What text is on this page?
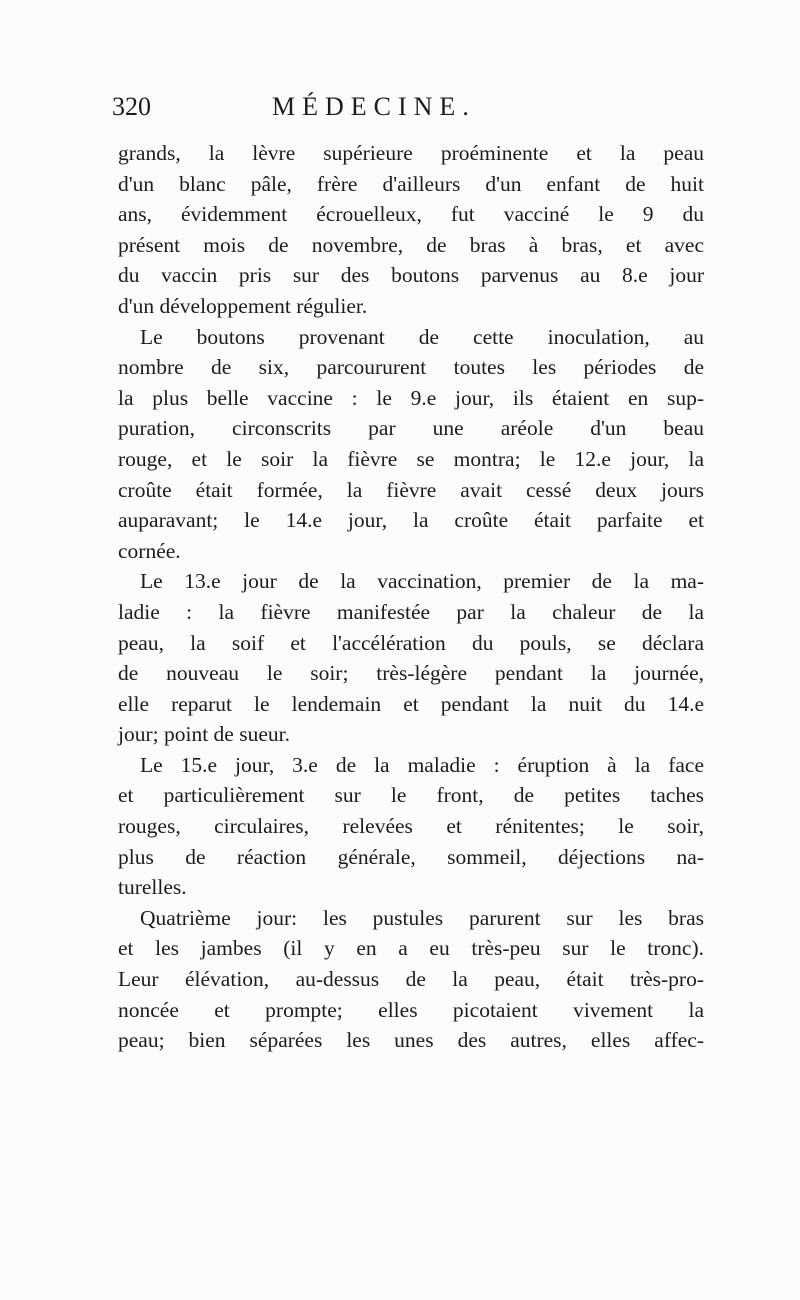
320	MÉDECINE.
grands, la lèvre supérieure proéminente et la peau
d'un blanc pâle, frère d'ailleurs d'un enfant de huit
ans, évidemment écrouelleux, fut vacciné le 9 du
présent mois de novembre, de bras à bras, et avec
du vaccin pris sur des boutons parvenus au 8.e jour
d'un développement régulier.
Le boutons provenant de cette inoculation, au
nombre de six, parcoururent toutes les périodes de
la plus belle vaccine : le 9.e jour, ils étaient en sup-
puration, circonscrits par une aréole d'un beau
rouge, et le soir la fièvre se montra; le 12.e jour, la
croûte était formée, la fièvre avait cessé deux jours
auparavant; le 14.e jour, la croûte était parfaite et
cornée.
Le 13.e jour de la vaccination, premier de la ma-
ladie : la fièvre manifestée par la chaleur de la
peau, la soif et l'accélération du pouls, se déclara
de nouveau le soir; très-légère pendant la journée,
elle reparut le lendemain et pendant la nuit du 14.e
jour; point de sueur.
Le 15.e jour, 3.e de la maladie : éruption à la face
et particulièrement sur le front, de petites taches
rouges, circulaires, relevées et rénitentes; le soir,
plus de réaction générale, sommeil, déjections na-
turelles.
Quatrième jour: les pustules parurent sur les bras
et les jambes (il y en a eu très-peu sur le tronc).
Leur élévation, au-dessus de la peau, était très-pro-
noncée et prompte; elles picotaient vivement la
peau; bien séparées les unes des autres, elles affec-
